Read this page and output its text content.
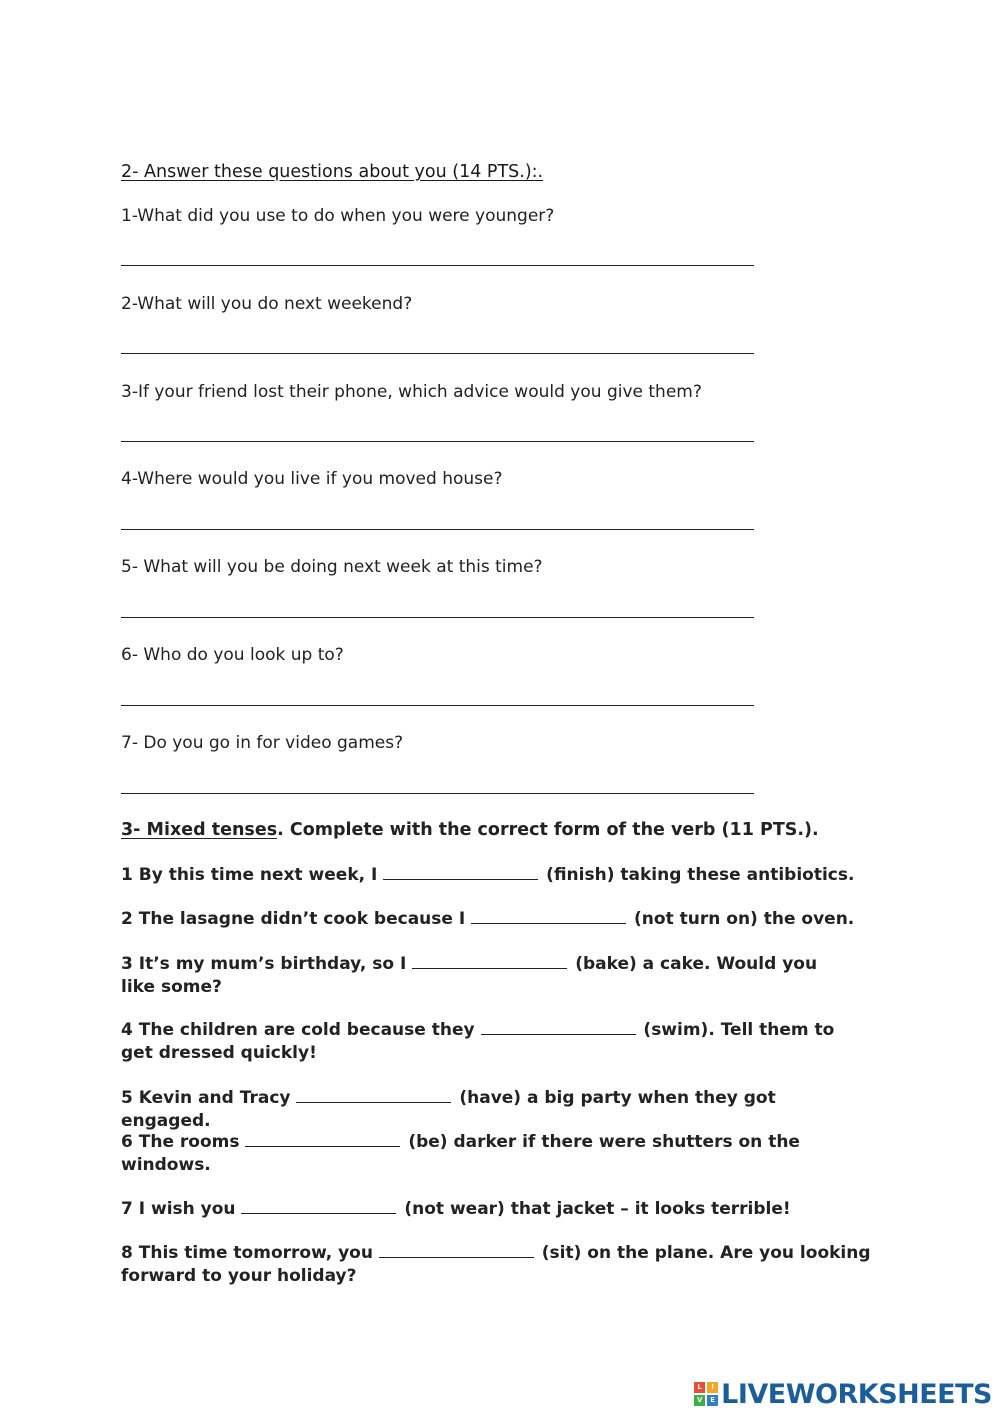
2- Answer these questions about you (14 PTS.):.
1-What did you use to do when you were younger?
2-What will you do next weekend?
3-If your friend lost their phone, which advice would you give them?
4-Where would you live if you moved house?
5- What will you be doing next week at this time?
6- Who do you look up to?
7- Do you go in for video games?
3- Mixed tenses. Complete with the correct form of the verb (11 PTS.).
1 By this time next week, I	(finish) taking these antibiotics.
2 The lasagne didn’t cook because I	(not turn on) the oven.
3 It’s my mum’s birthday, so I	(bake) a cake. Would you like some?
4 The children are cold because they	(swim). Tell them to get dressed quickly!
5 Kevin and Tracy	(have) a big party when they got engaged.
6 The rooms	(be) darker if there were shutters on the windows.
7 I wish you	(not wear) that jacket – it looks terrible!
8 This time tomorrow, you	(sit) on the plane. Are you looking forward to your holiday?
L	I
V	E LIVEWORKSHEETS
